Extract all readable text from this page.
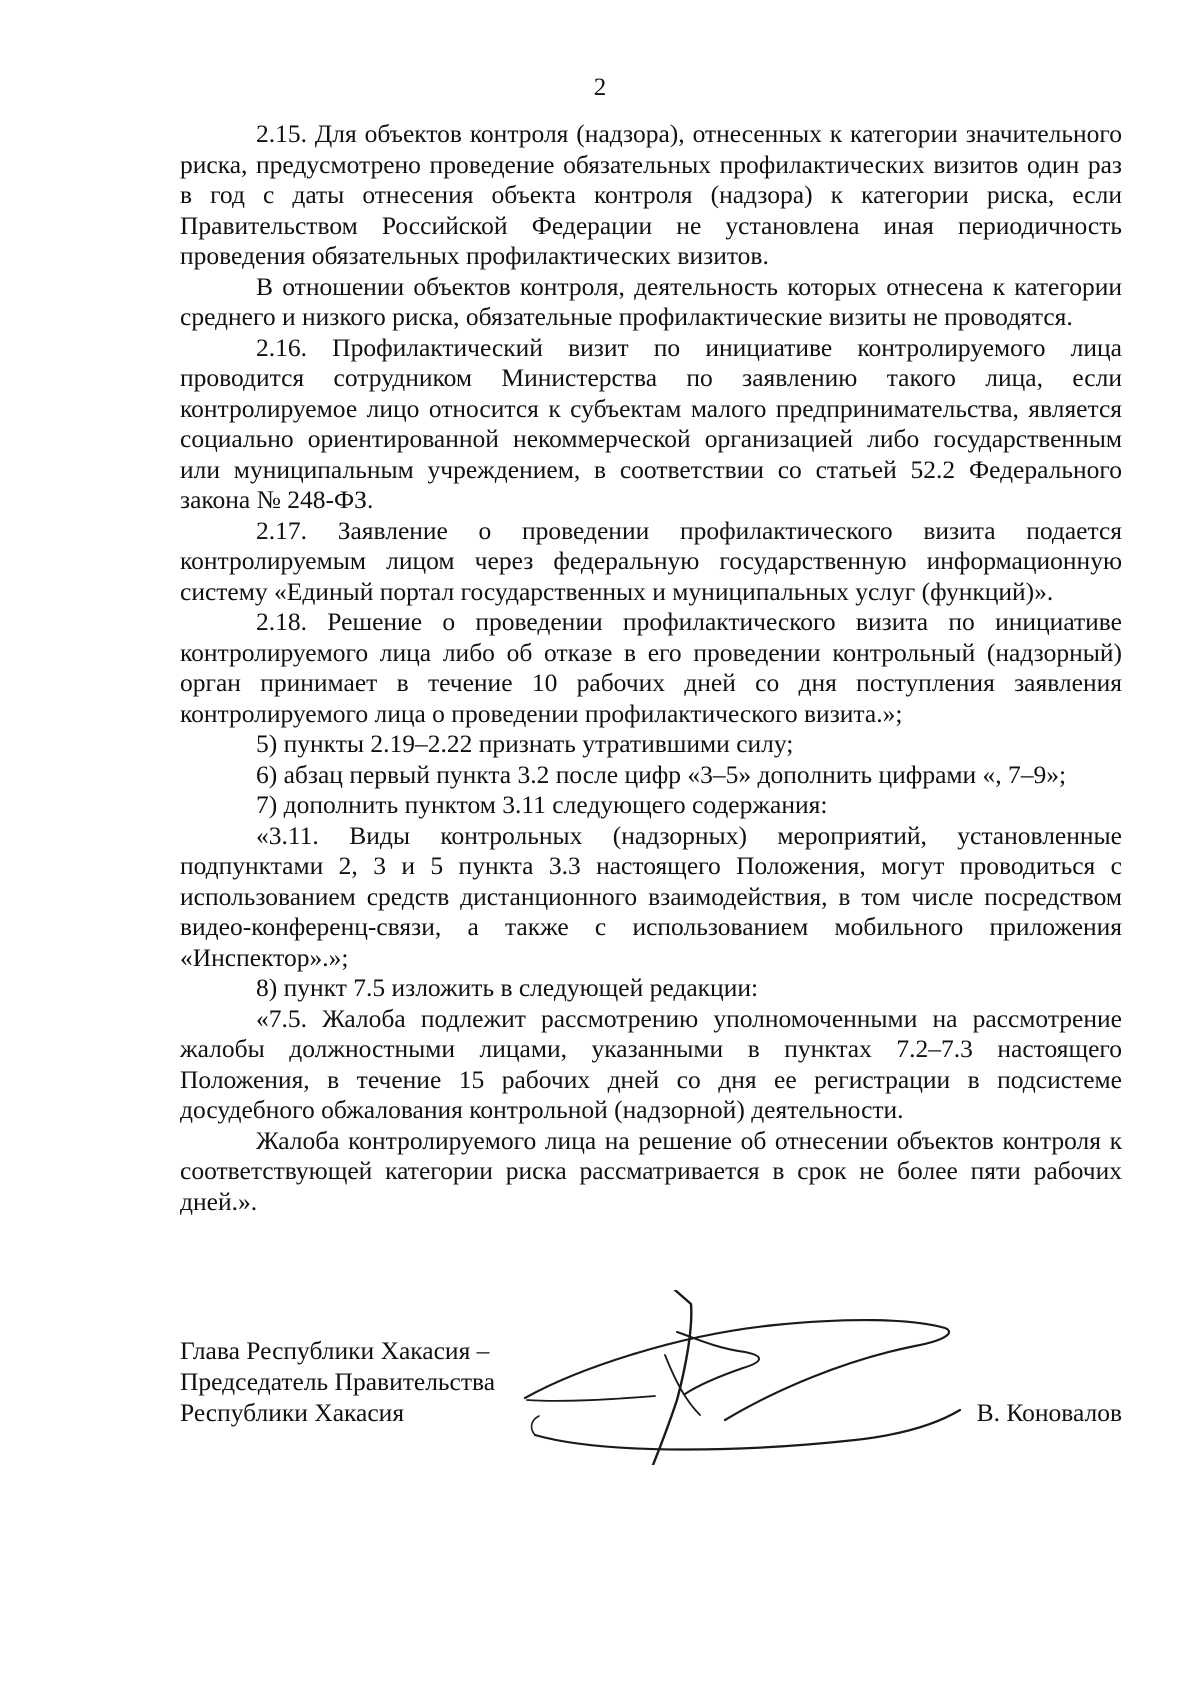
2

2.15. Для объектов контроля (надзора), отнесенных к категории значительного риска, предусмотрено проведение обязательных профилактических визитов один раз в год с даты отнесения объекта контроля (надзора) к категории риска, если Правительством Российской Федерации не установлена иная периодичность проведения обязательных профилактических визитов.

В отношении объектов контроля, деятельность которых отнесена к категории среднего и низкого риска, обязательные профилактические визиты не проводятся.

2.16. Профилактический визит по инициативе контролируемого лица проводится сотрудником Министерства по заявлению такого лица, если контролируемое лицо относится к субъектам малого предпринимательства, является социально ориентированной некоммерческой организацией либо государственным или муниципальным учреждением, в соответствии со статьей 52.2 Федерального закона № 248-ФЗ.

2.17. Заявление о проведении профилактического визита подается контролируемым лицом через федеральную государственную информационную систему «Единый портал государственных и муниципальных услуг (функций)».

2.18. Решение о проведении профилактического визита по инициативе контролируемого лица либо об отказе в его проведении контрольный (надзорный) орган принимает в течение 10 рабочих дней со дня поступления заявления контролируемого лица о проведении профилактического визита.»;

5) пункты 2.19–2.22 признать утратившими силу;

6) абзац первый пункта 3.2 после цифр «3–5» дополнить цифрами «, 7–9»;

7) дополнить пунктом 3.11 следующего содержания:

«3.11. Виды контрольных (надзорных) мероприятий, установленные подпунктами 2, 3 и 5 пункта 3.3 настоящего Положения, могут проводиться с использованием средств дистанционного взаимодействия, в том числе посредством видео-конференц-связи, а также с использованием мобильного приложения «Инспектор».»;

8) пункт 7.5 изложить в следующей редакции:

«7.5. Жалоба подлежит рассмотрению уполномоченными на рассмотрение жалобы должностными лицами, указанными в пунктах 7.2–7.3 настоящего Положения, в течение 15 рабочих дней со дня ее регистрации в подсистеме досудебного обжалования контрольной (надзорной) деятельности.

Жалоба контролируемого лица на решение об отнесении объектов контроля к соответствующей категории риска рассматривается в срок не более пяти рабочих дней.».

Глава Республики Хакасия –
Председатель Правительства
Республики Хакасия	В. Коновалов
